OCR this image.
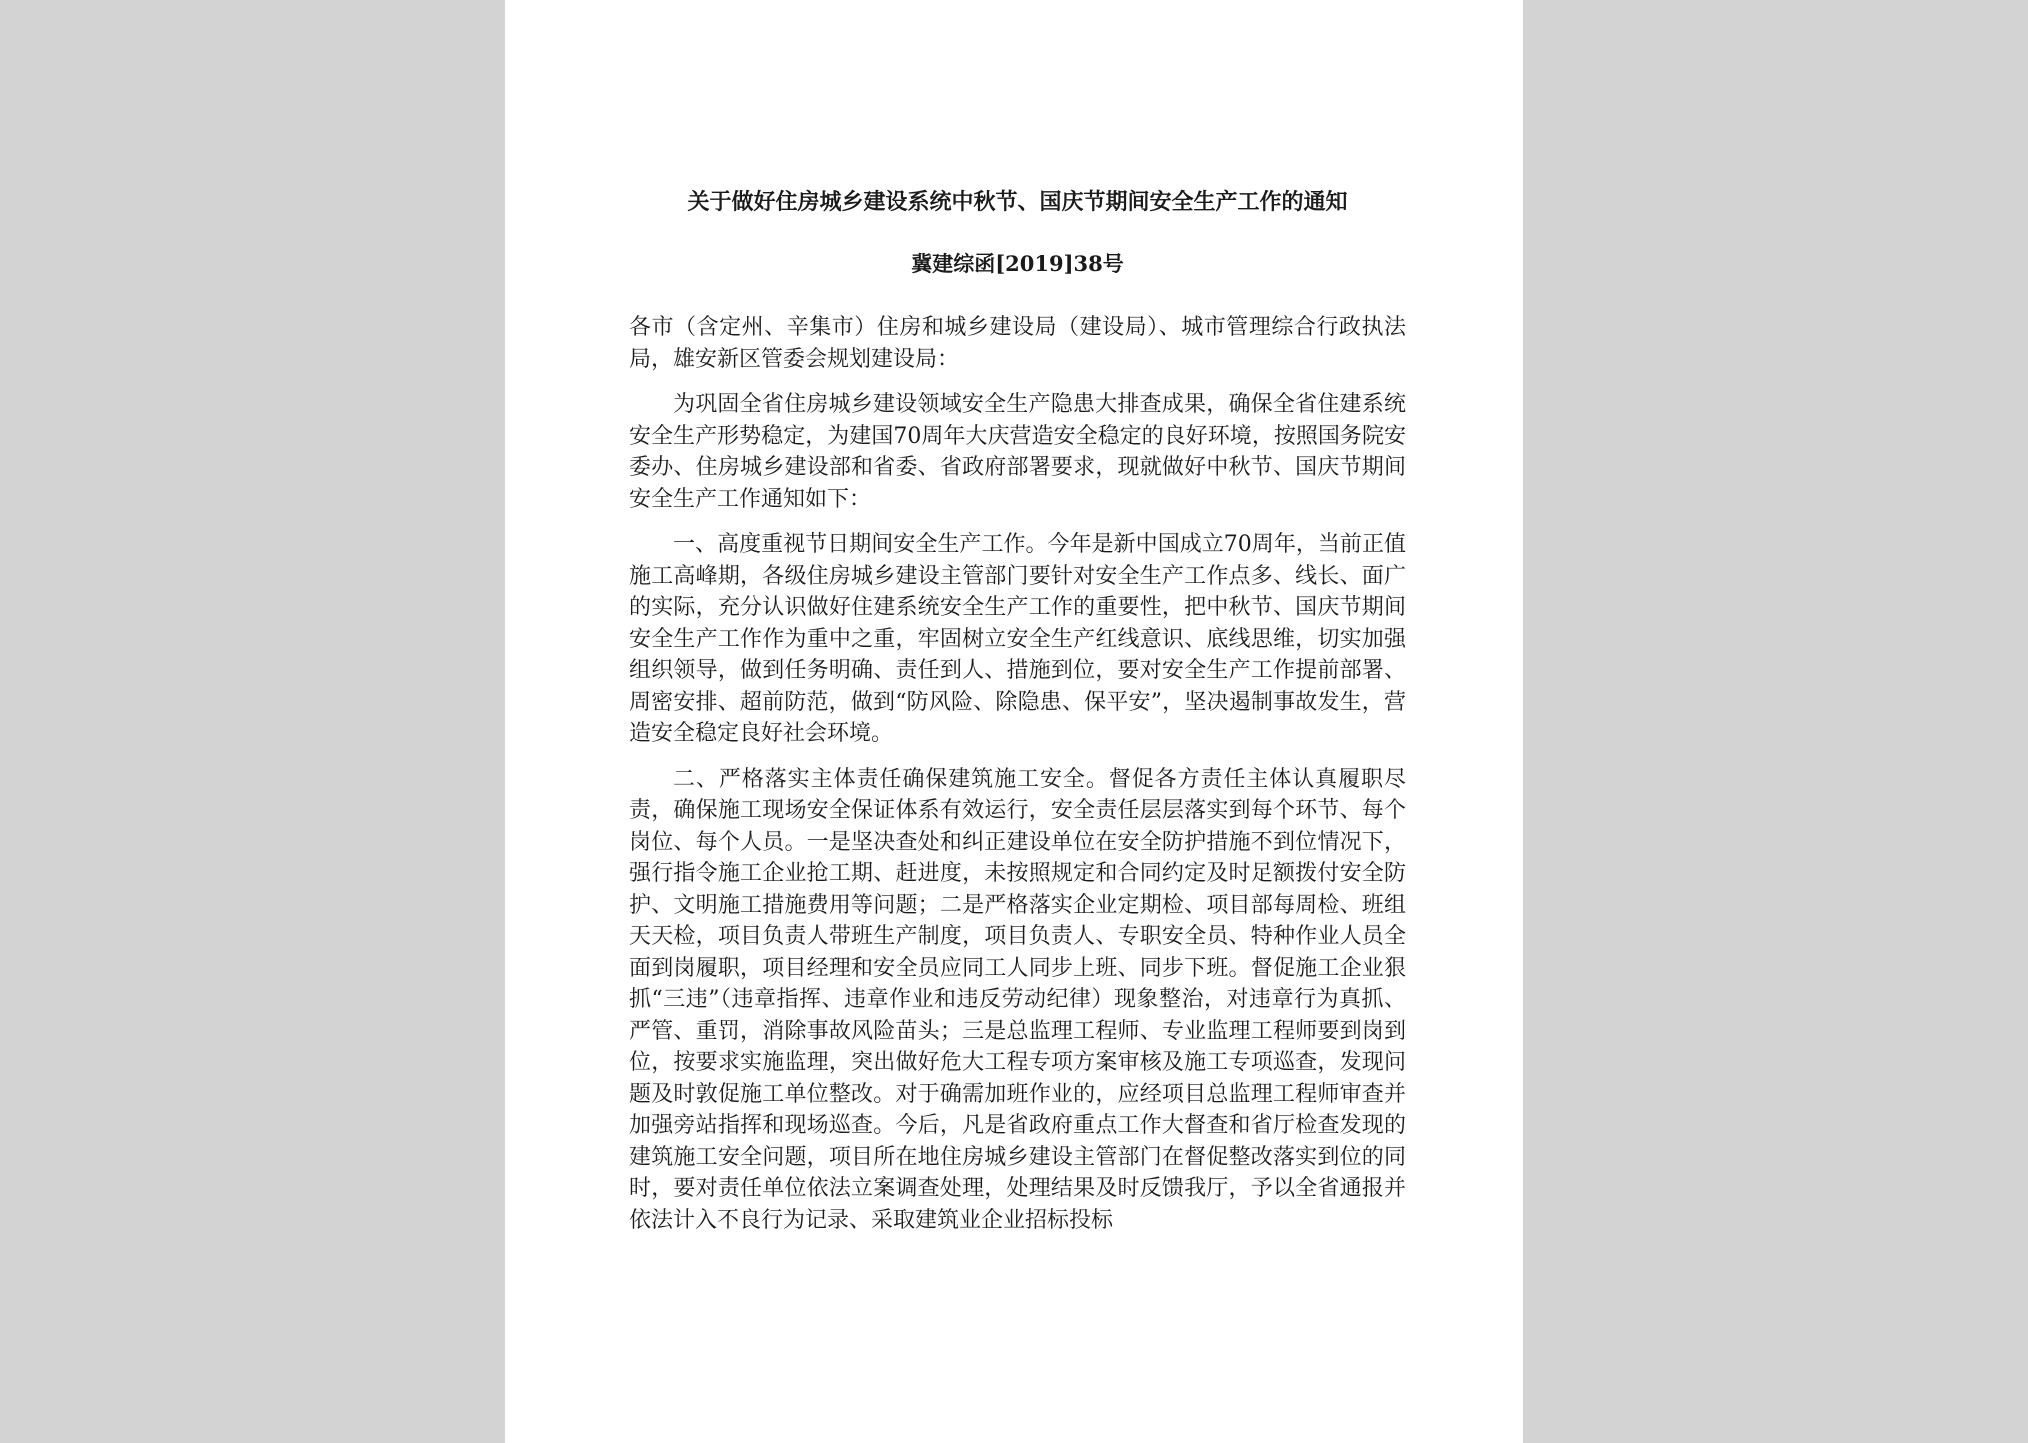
关于做好住房城乡建设系统中秋节、国庆节期间安全生产工作的通知
冀建综函[2019]38号
各市（含定州、辛集市）住房和城乡建设局（建设局）、城市管理综合行政执法局，雄安新区管委会规划建设局：
为巩固全省住房城乡建设领域安全生产隐患大排查成果，确保全省住建系统安全生产形势稳定，为建国70周年大庆营造安全稳定的良好环境，按照国务院安委办、住房城乡建设部和省委、省政府部署要求，现就做好中秋节、国庆节期间安全生产工作通知如下：
一、高度重视节日期间安全生产工作。今年是新中国成立70周年，当前正值施工高峰期，各级住房城乡建设主管部门要针对安全生产工作点多、线长、面广的实际，充分认识做好住建系统安全生产工作的重要性，把中秋节、国庆节期间安全生产工作作为重中之重，牢固树立安全生产红线意识、底线思维，切实加强组织领导，做到任务明确、责任到人、措施到位，要对安全生产工作提前部署、周密安排、超前防范，做到“防风险、除隐患、保平安”，坚决遏制事故发生，营造安全稳定良好社会环境。
二、严格落实主体责任确保建筑施工安全。督促各方责任主体认真履职尽责，确保施工现场安全保证体系有效运行，安全责任层层落实到每个环节、每个岗位、每个人员。一是坚决查处和纠正建设单位在安全防护措施不到位情况下，强行指令施工企业抢工期、赶进度，未按照规定和合同约定及时足额拨付安全防护、文明施工措施费用等问题；二是严格落实企业定期检、项目部每周检、班组天天检，项目负责人带班生产制度，项目负责人、专职安全员、特种作业人员全面到岗履职，项目经理和安全员应同工人同步上班、同步下班。督促施工企业狠抓“三违”（违章指挥、违章作业和违反劳动纪律）现象整治，对违章行为真抓、严管、重罚，消除事故风险苗头；三是总监理工程师、专业监理工程师要到岗到位，按要求实施监理，突出做好危大工程专项方案审核及施工专项巡查，发现问题及时敦促施工单位整改。对于确需加班作业的，应经项目总监理工程师审查并加强旁站指挥和现场巡查。今后，凡是省政府重点工作大督查和省厅检查发现的建筑施工安全问题，项目所在地住房城乡建设主管部门在督促整改落实到位的同时，要对责任单位依法立案调查处理，处理结果及时反馈我厅，予以全省通报并依法计入不良行为记录、采取建筑业企业招标投标
